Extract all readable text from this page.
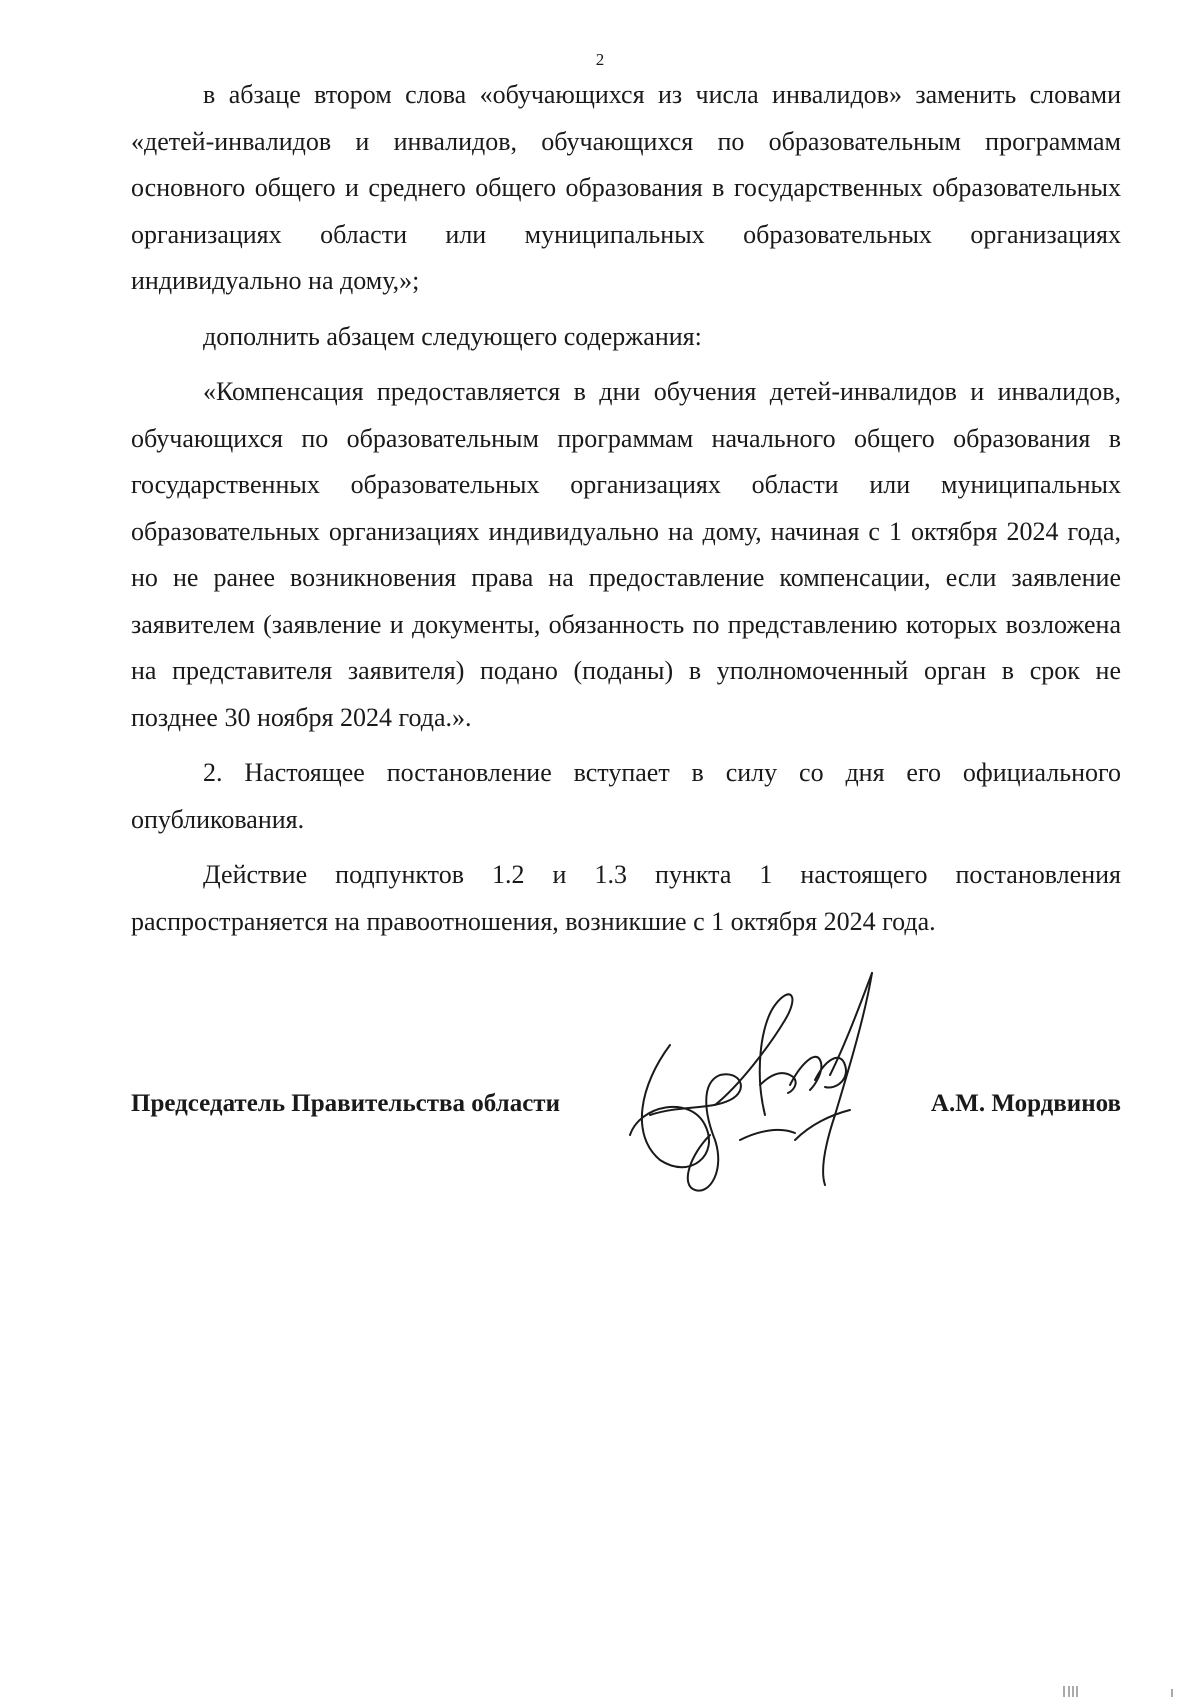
2

в абзаце втором слова «обучающихся из числа инвалидов» заменить словами «детей-инвалидов и инвалидов, обучающихся по образовательным программам основного общего и среднего общего образования в государственных образовательных организациях области или муниципальных образовательных организациях индивидуально на дому,»;

дополнить абзацем следующего содержания:

«Компенсация предоставляется в дни обучения детей-инвалидов и инвалидов, обучающихся по образовательным программам начального общего образования в государственных образовательных организациях области или муниципальных образовательных организациях индивидуально на дому, начиная с 1 октября 2024 года, но не ранее возникновения права на предоставление компенсации, если заявление заявителем (заявление и документы, обязанность по представлению которых возложена на представителя заявителя) подано (поданы) в уполномоченный орган в срок не позднее 30 ноября 2024 года.».

2. Настоящее постановление вступает в силу со дня его официального опубликования.

Действие подпунктов 1.2 и 1.3 пункта 1 настоящего постановления распространяется на правоотношения, возникшие с 1 октября 2024 года.

Председатель Правительства области	А.М. Мордвинов
